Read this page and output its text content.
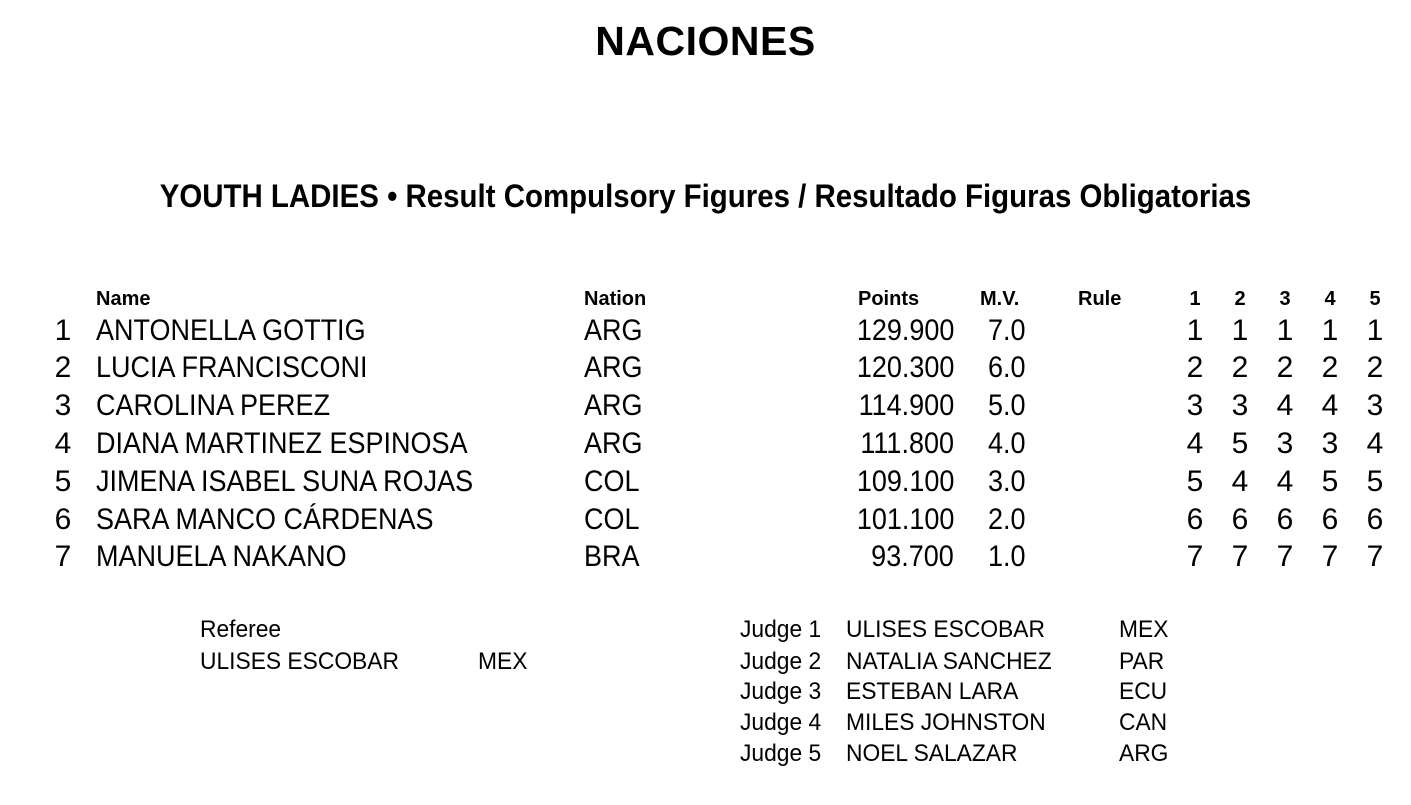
NACIONES
YOUTH LADIES • Result Compulsory Figures / Resultado Figuras Obligatorias
Name	Nation	Points	M.V.	Rule	1 2 3 4 5
1 ANTONELLA GOTTIG	ARG	129.900 7.0	1 1 1 1 1
2 LUCIA FRANCISCONI	ARG	120.300 6.0	2 2 2 2 2
3 CAROLINA PEREZ	ARG	114.900 5.0	3 3 4 4 3
4 DIANA MARTINEZ ESPINOSA	ARG	111.800 4.0	4 5 3 3 4
5 JIMENA ISABEL SUNA ROJAS	COL	109.100 3.0	5 4 4 5 5
6 SARA MANCO CÁRDENAS	COL	101.100 2.0	6 6 6 6 6
7 MANUELA NAKANO	BRA	93.700 1.0	7 7 7 7 7
Referee
ULISES ESCOBAR	MEX
Judge 1 ULISES ESCOBAR	MEX
Judge 2 NATALIA SANCHEZ	PAR
Judge 3 ESTEBAN LARA	ECU
Judge 4 MILES JOHNSTON	CAN
Judge 5 NOEL SALAZAR	ARG
